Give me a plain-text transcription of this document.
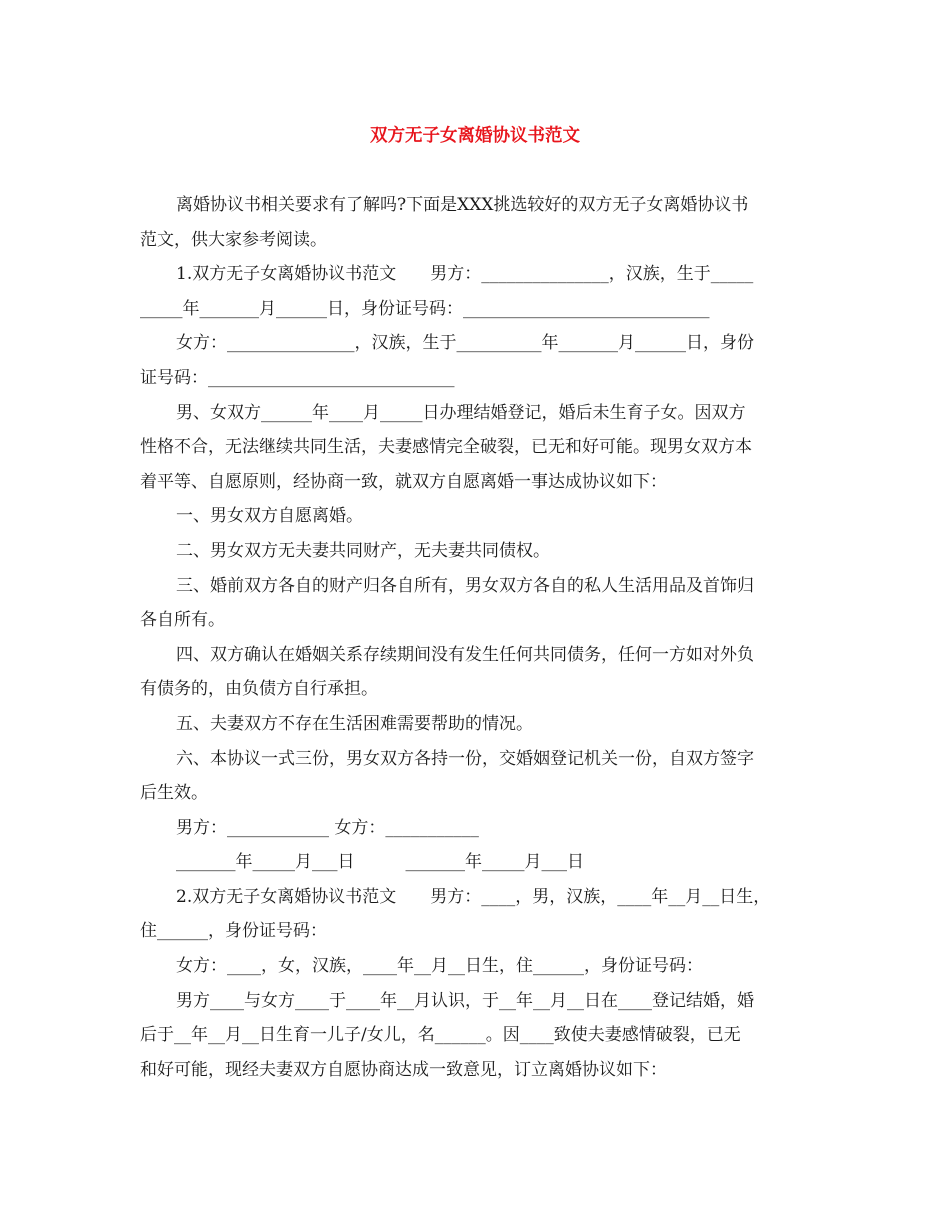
双方无子女离婚协议书范文

离婚协议书相关要求有了解吗?下面是XXX挑选较好的双方无子女离婚协议书

范文，供大家参考阅读。

1.双方无子女离婚协议书范文　　男方：_______________，汉族，生于_____

_____年_______月______日，身份证号码：_____________________________

女方：_______________，汉族，生于__________年_______月______日，身份

证号码：_____________________________

男、女双方______年____月_____日办理结婚登记，婚后未生育子女。因双方

性格不合，无法继续共同生活，夫妻感情完全破裂，已无和好可能。现男女双方本

着平等、自愿原则，经协商一致，就双方自愿离婚一事达成协议如下：

一、男女双方自愿离婚。

二、男女双方无夫妻共同财产，无夫妻共同债权。

三、婚前双方各自的财产归各自所有，男女双方各自的私人生活用品及首饰归

各自所有。

四、双方确认在婚姻关系存续期间没有发生任何共同债务，任何一方如对外负

有债务的，由负债方自行承担。

五、夫妻双方不存在生活困难需要帮助的情况。

六、本协议一式三份，男女双方各持一份，交婚姻登记机关一份，自双方签字

后生效。

男方：____________ 女方：___________

_______年_____月___日　　　_______年_____月___日

2.双方无子女离婚协议书范文　　男方：____，男，汉族，____年__月__日生，

住______，身份证号码：

女方：____，女，汉族，____年__月__日生，住______，身份证号码：

男方____与女方____于____年__月认识，于__年__月__日在____登记结婚，婚

后于__年__月__日生育一儿子/女儿，名______。因____致使夫妻感情破裂，已无

和好可能，现经夫妻双方自愿协商达成一致意见，订立离婚协议如下：
